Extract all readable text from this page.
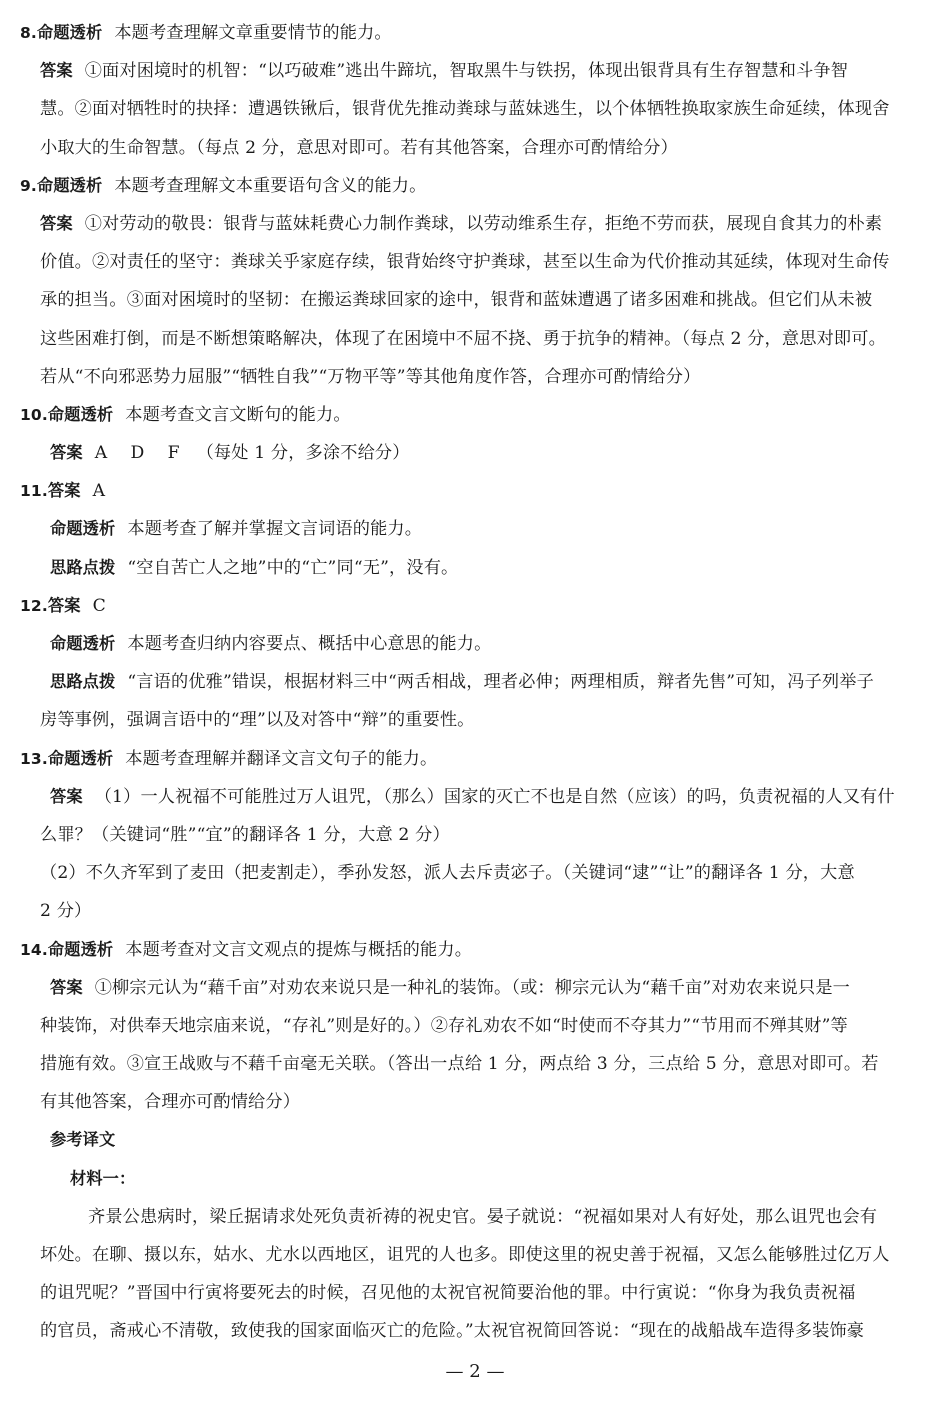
8.命题透析 本题考查理解文章重要情节的能力。
答案 ①面对困境时的机智：“以巧破难”逃出牛蹄坑，智取黑牛与铁拐，体现出银背具有生存智慧和斗争智
慧。②面对牺牲时的抉择：遭遇铁锹后，银背优先推动粪球与蓝妹逃生，以个体牺牲换取家族生命延续，体现舍
小取大的生命智慧。（每点 2 分，意思对即可。若有其他答案，合理亦可酌情给分）
9.命题透析 本题考查理解文本重要语句含义的能力。
答案 ①对劳动的敬畏：银背与蓝妹耗费心力制作粪球，以劳动维系生存，拒绝不劳而获，展现自食其力的朴素
价值。②对责任的坚守：粪球关乎家庭存续，银背始终守护粪球，甚至以生命为代价推动其延续，体现对生命传
承的担当。③面对困境时的坚韧：在搬运粪球回家的途中，银背和蓝妹遭遇了诸多困难和挑战。但它们从未被
这些困难打倒，而是不断想策略解决，体现了在困境中不屈不挠、勇于抗争的精神。（每点 2 分，意思对即可。
若从“不向邪恶势力屈服”“牺牲自我”“万物平等”等其他角度作答，合理亦可酌情给分）
10.命题透析 本题考查文言文断句的能力。
答案 A  D  F （每处 1 分，多涂不给分）
11.答案 A
命题透析 本题考查了解并掌握文言词语的能力。
思路点拨 “空自苦亡人之地”中的“亡”同“无”，没有。
12.答案 C
命题透析 本题考查归纳内容要点、概括中心意思的能力。
思路点拨 “言语的优雅”错误，根据材料三中“两舌相战，理者必伸；两理相质，辩者先售”可知，冯子列举子
房等事例，强调言语中的“理”以及对答中“辩”的重要性。
13.命题透析 本题考查理解并翻译文言文句子的能力。
答案 （1）一人祝福不可能胜过万人诅咒，（那么）国家的灭亡不也是自然（应该）的吗，负责祝福的人又有什
么罪？（关键词“胜”“宜”的翻译各 1 分，大意 2 分）
（2）不久齐军到了麦田（把麦割走），季孙发怒，派人去斥责宓子。（关键词“逮”“让”的翻译各 1 分，大意
2 分）
14.命题透析 本题考查对文言文观点的提炼与概括的能力。
答案 ①柳宗元认为“藉千亩”对劝农来说只是一种礼的装饰。（或：柳宗元认为“藉千亩”对劝农来说只是一
种装饰，对供奉天地宗庙来说，“存礼”则是好的。）②存礼劝农不如“时使而不夺其力”“节用而不殚其财”等
措施有效。③宣王战败与不藉千亩毫无关联。（答出一点给 1 分，两点给 3 分，三点给 5 分，意思对即可。若
有其他答案，合理亦可酌情给分）
参考译文
材料一：
齐景公患病时，梁丘据请求处死负责祈祷的祝史官。晏子就说：“祝福如果对人有好处，那么诅咒也会有
坏处。在聊、摄以东，姑水、尤水以西地区，诅咒的人也多。即使这里的祝史善于祝福，又怎么能够胜过亿万人
的诅咒呢？”晋国中行寅将要死去的时候，召见他的太祝官祝简要治他的罪。中行寅说：“你身为我负责祝福
的官员，斋戒心不清敬，致使我的国家面临灭亡的危险。”太祝官祝简回答说：“现在的战船战车造得多装饰豪
— 2 —
